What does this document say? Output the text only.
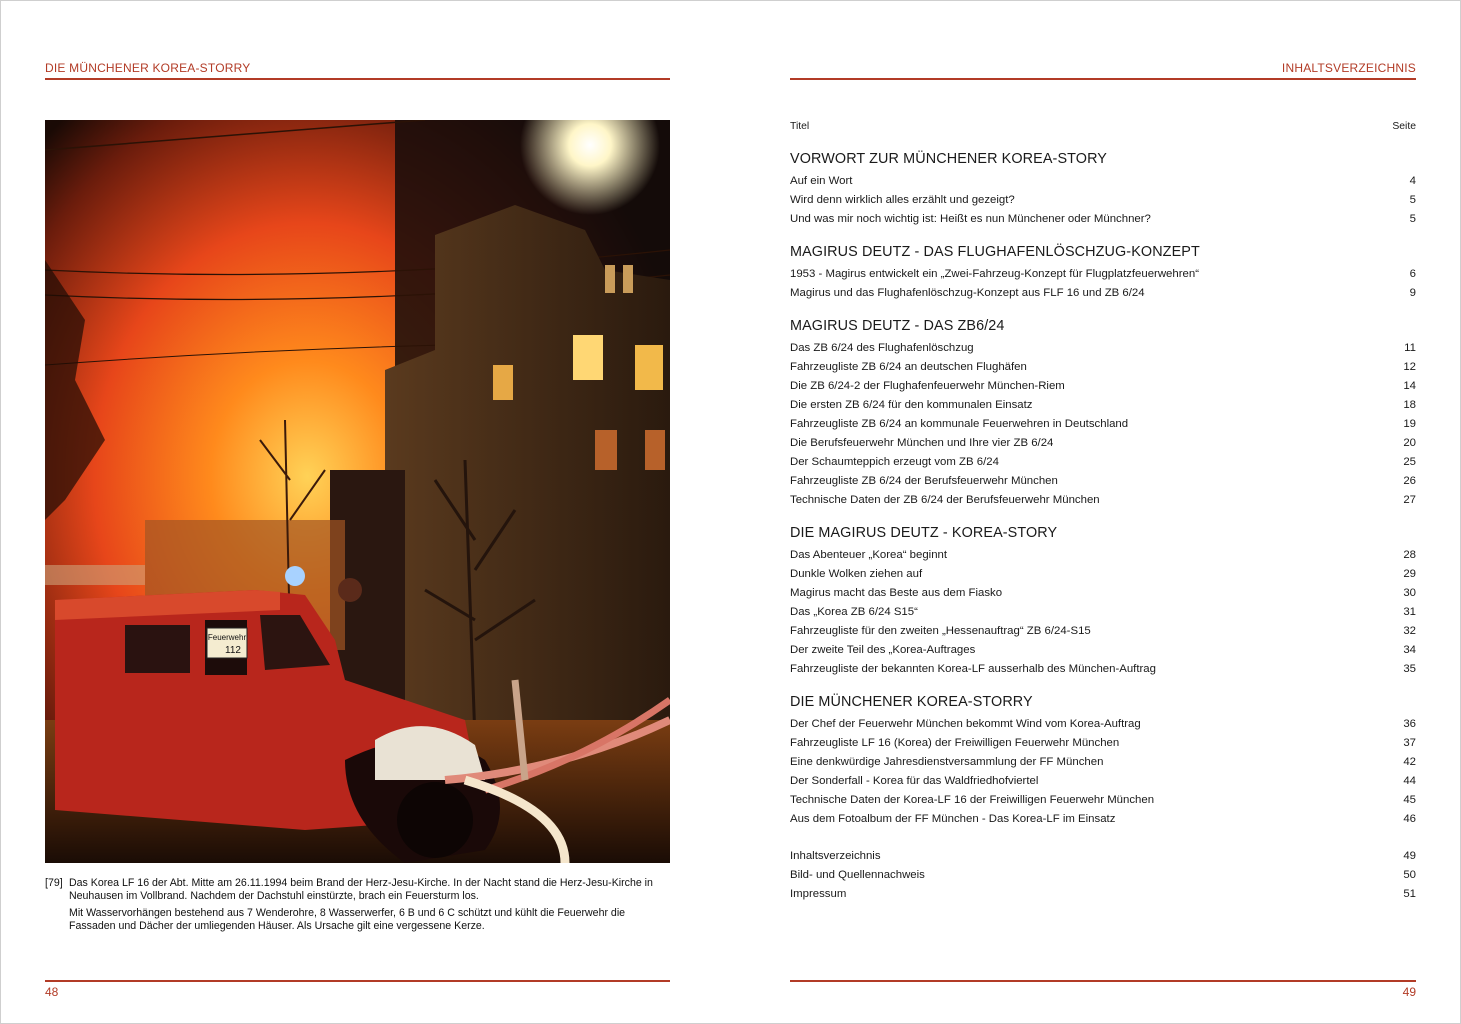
DIE MÜNCHENER KOREA-STORRY
Feuerwehr
112
[79] Das Korea LF 16 der Abt. Mitte am 26.11.1994 beim Brand der Herz-Jesu-Kirche. In der Nacht stand die Herz-Jesu-Kirche in Neuhausen im Vollbrand. Nachdem der Dachstuhl einstürzte, brach ein Feuersturm los.

Mit Wasservorhängen bestehend aus 7 Wenderohre, 8 Wasserwerfer, 6 B und 6 C schützt und kühlt die Feuerwehr die Fassaden und Dächer der umliegenden Häuser. Als Ursache gilt eine vergessene Kerze.

48
INHALTSVERZEICHNIS
Titel	Seite
VORWORT ZUR MÜNCHENER KOREA-STORY
Auf ein Wort	4
Wird denn wirklich alles erzählt und gezeigt?	5
Und was mir noch wichtig ist: Heißt es nun Münchener oder Münchner?	5
MAGIRUS DEUTZ - DAS FLUGHAFENLÖSCHZUG-KONZEPT
1953 - Magirus entwickelt ein „Zwei-Fahrzeug-Konzept für Flugplatzfeuerwehren“	6
Magirus und das Flughafenlöschzug-Konzept aus FLF 16 und ZB 6/24	9
MAGIRUS DEUTZ - DAS ZB6/24
Das ZB 6/24 des Flughafenlöschzug	11
Fahrzeugliste ZB 6/24 an deutschen Flughäfen	12
Die ZB 6/24-2 der Flughafenfeuerwehr München-Riem	14
Die ersten ZB 6/24 für den kommunalen Einsatz	18
Fahrzeugliste ZB 6/24 an kommunale Feuerwehren in Deutschland	19
Die Berufsfeuerwehr München und Ihre vier ZB 6/24	20
Der Schaumteppich erzeugt vom ZB 6/24	25
Fahrzeugliste ZB 6/24 der Berufsfeuerwehr München	26
Technische Daten der ZB 6/24 der Berufsfeuerwehr München	27
DIE MAGIRUS DEUTZ - KOREA-STORY
Das Abenteuer „Korea“ beginnt	28
Dunkle Wolken ziehen auf	29
Magirus macht das Beste aus dem Fiasko	30
Das „Korea ZB 6/24 S15“	31
Fahrzeugliste für den zweiten „Hessenauftrag“ ZB 6/24-S15	32
Der zweite Teil des „Korea-Auftrages	34
Fahrzeugliste der bekannten Korea-LF ausserhalb des München-Auftrag	35
DIE MÜNCHENER KOREA-STORRY
Der Chef der Feuerwehr München bekommt Wind vom Korea-Auftrag	36
Fahrzeugliste LF 16 (Korea) der Freiwilligen Feuerwehr München	37
Eine denkwürdige Jahresdienstversammlung der FF München	42
Der Sonderfall - Korea für das Waldfriedhofviertel	44
Technische Daten der Korea-LF 16 der Freiwilligen Feuerwehr München	45
Aus dem Fotoalbum der FF München - Das Korea-LF im Einsatz	46
Inhaltsverzeichnis	49
Bild- und Quellennachweis	50
Impressum	51
49
